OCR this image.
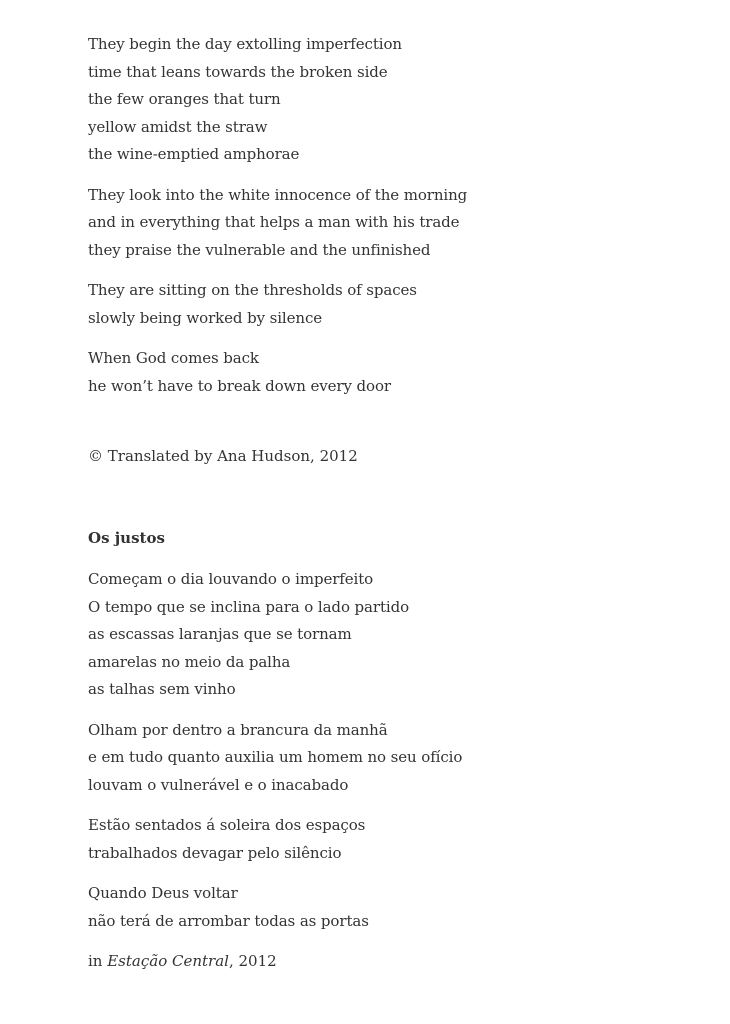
They begin the day extolling imperfection
time that leans towards the broken side
the few oranges that turn
yellow amidst the straw
the wine-emptied amphorae
They look into the white innocence of the morning
and in everything that helps a man with his trade
they praise the vulnerable and the unfinished
They are sitting on the thresholds of spaces
slowly being worked by silence
When God comes back
he won’t have to break down every door
© Translated by Ana Hudson, 2012
Os justos
Começam o dia louvando o imperfeito
O tempo que se inclina para o lado partido
as escassas laranjas que se tornam
amarelas no meio da palha
as talhas sem vinho
Olham por dentro a brancura da manhã
e em tudo quanto auxilia um homem no seu ofício
louvam o vulnerável e o inacabado
Estão sentados á soleira dos espaços
trabalhados devagar pelo silêncio
Quando Deus voltar
não terá de arrombar todas as portas
in Estação Central, 2012
